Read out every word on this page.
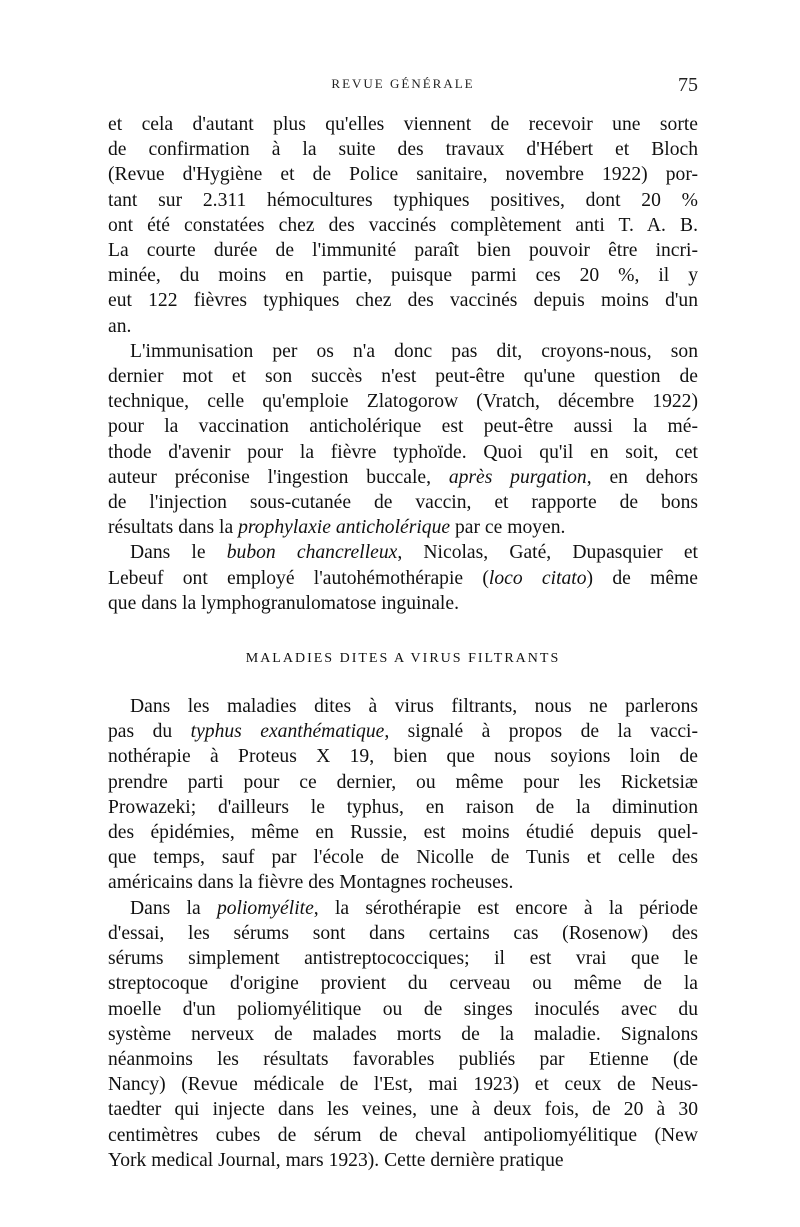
REVUE GÉNÉRALE	75
et cela d'autant plus qu'elles viennent de recevoir une sorte
de confirmation à la suite des travaux d'Hébert et Bloch
(Revue d'Hygiène et de Police sanitaire, novembre 1922) por-
tant sur 2.311 hémocultures typhiques positives, dont 20 %
ont été constatées chez des vaccinés complètement anti T. A. B.
La courte durée de l'immunité paraît bien pouvoir être incri-
minée, du moins en partie, puisque parmi ces 20 %, il y
eut 122 fièvres typhiques chez des vaccinés depuis moins d'un
an.
L'immunisation per os n'a donc pas dit, croyons-nous, son
dernier mot et son succès n'est peut-être qu'une question de
technique, celle qu'emploie Zlatogorow (Vratch, décembre 1922)
pour la vaccination anticholérique est peut-être aussi la mé-
thode d'avenir pour la fièvre typhoïde. Quoi qu'il en soit, cet
auteur préconise l'ingestion buccale, après purgation, en dehors
de l'injection sous-cutanée de vaccin, et rapporte de bons
résultats dans la prophylaxie anticholérique par ce moyen.
Dans le bubon chancrelleux, Nicolas, Gaté, Dupasquier et
Lebeuf ont employé l'autohémothérapie (loco citato) de même
que dans la lymphogranulomatose inguinale.
MALADIES DITES A VIRUS FILTRANTS
Dans les maladies dites à virus filtrants, nous ne parlerons
pas du typhus exanthématique, signalé à propos de la vacci-
nothérapie à Proteus X 19, bien que nous soyions loin de
prendre parti pour ce dernier, ou même pour les Ricketsiæ
Prowazeki; d'ailleurs le typhus, en raison de la diminution
des épidémies, même en Russie, est moins étudié depuis quel-
que temps, sauf par l'école de Nicolle de Tunis et celle des
américains dans la fièvre des Montagnes rocheuses.
Dans la poliomyélite, la sérothérapie est encore à la période
d'essai, les sérums sont dans certains cas (Rosenow) des
sérums simplement antistreptococciques; il est vrai que le
streptocoque d'origine provient du cerveau ou même de la
moelle d'un poliomyélitique ou de singes inoculés avec du
système nerveux de malades morts de la maladie. Signalons
néanmoins les résultats favorables publiés par Etienne (de
Nancy) (Revue médicale de l'Est, mai 1923) et ceux de Neus-
taedter qui injecte dans les veines, une à deux fois, de 20 à 30
centimètres cubes de sérum de cheval antipoliomyélitique (New
York medical Journal, mars 1923). Cette dernière pratique
